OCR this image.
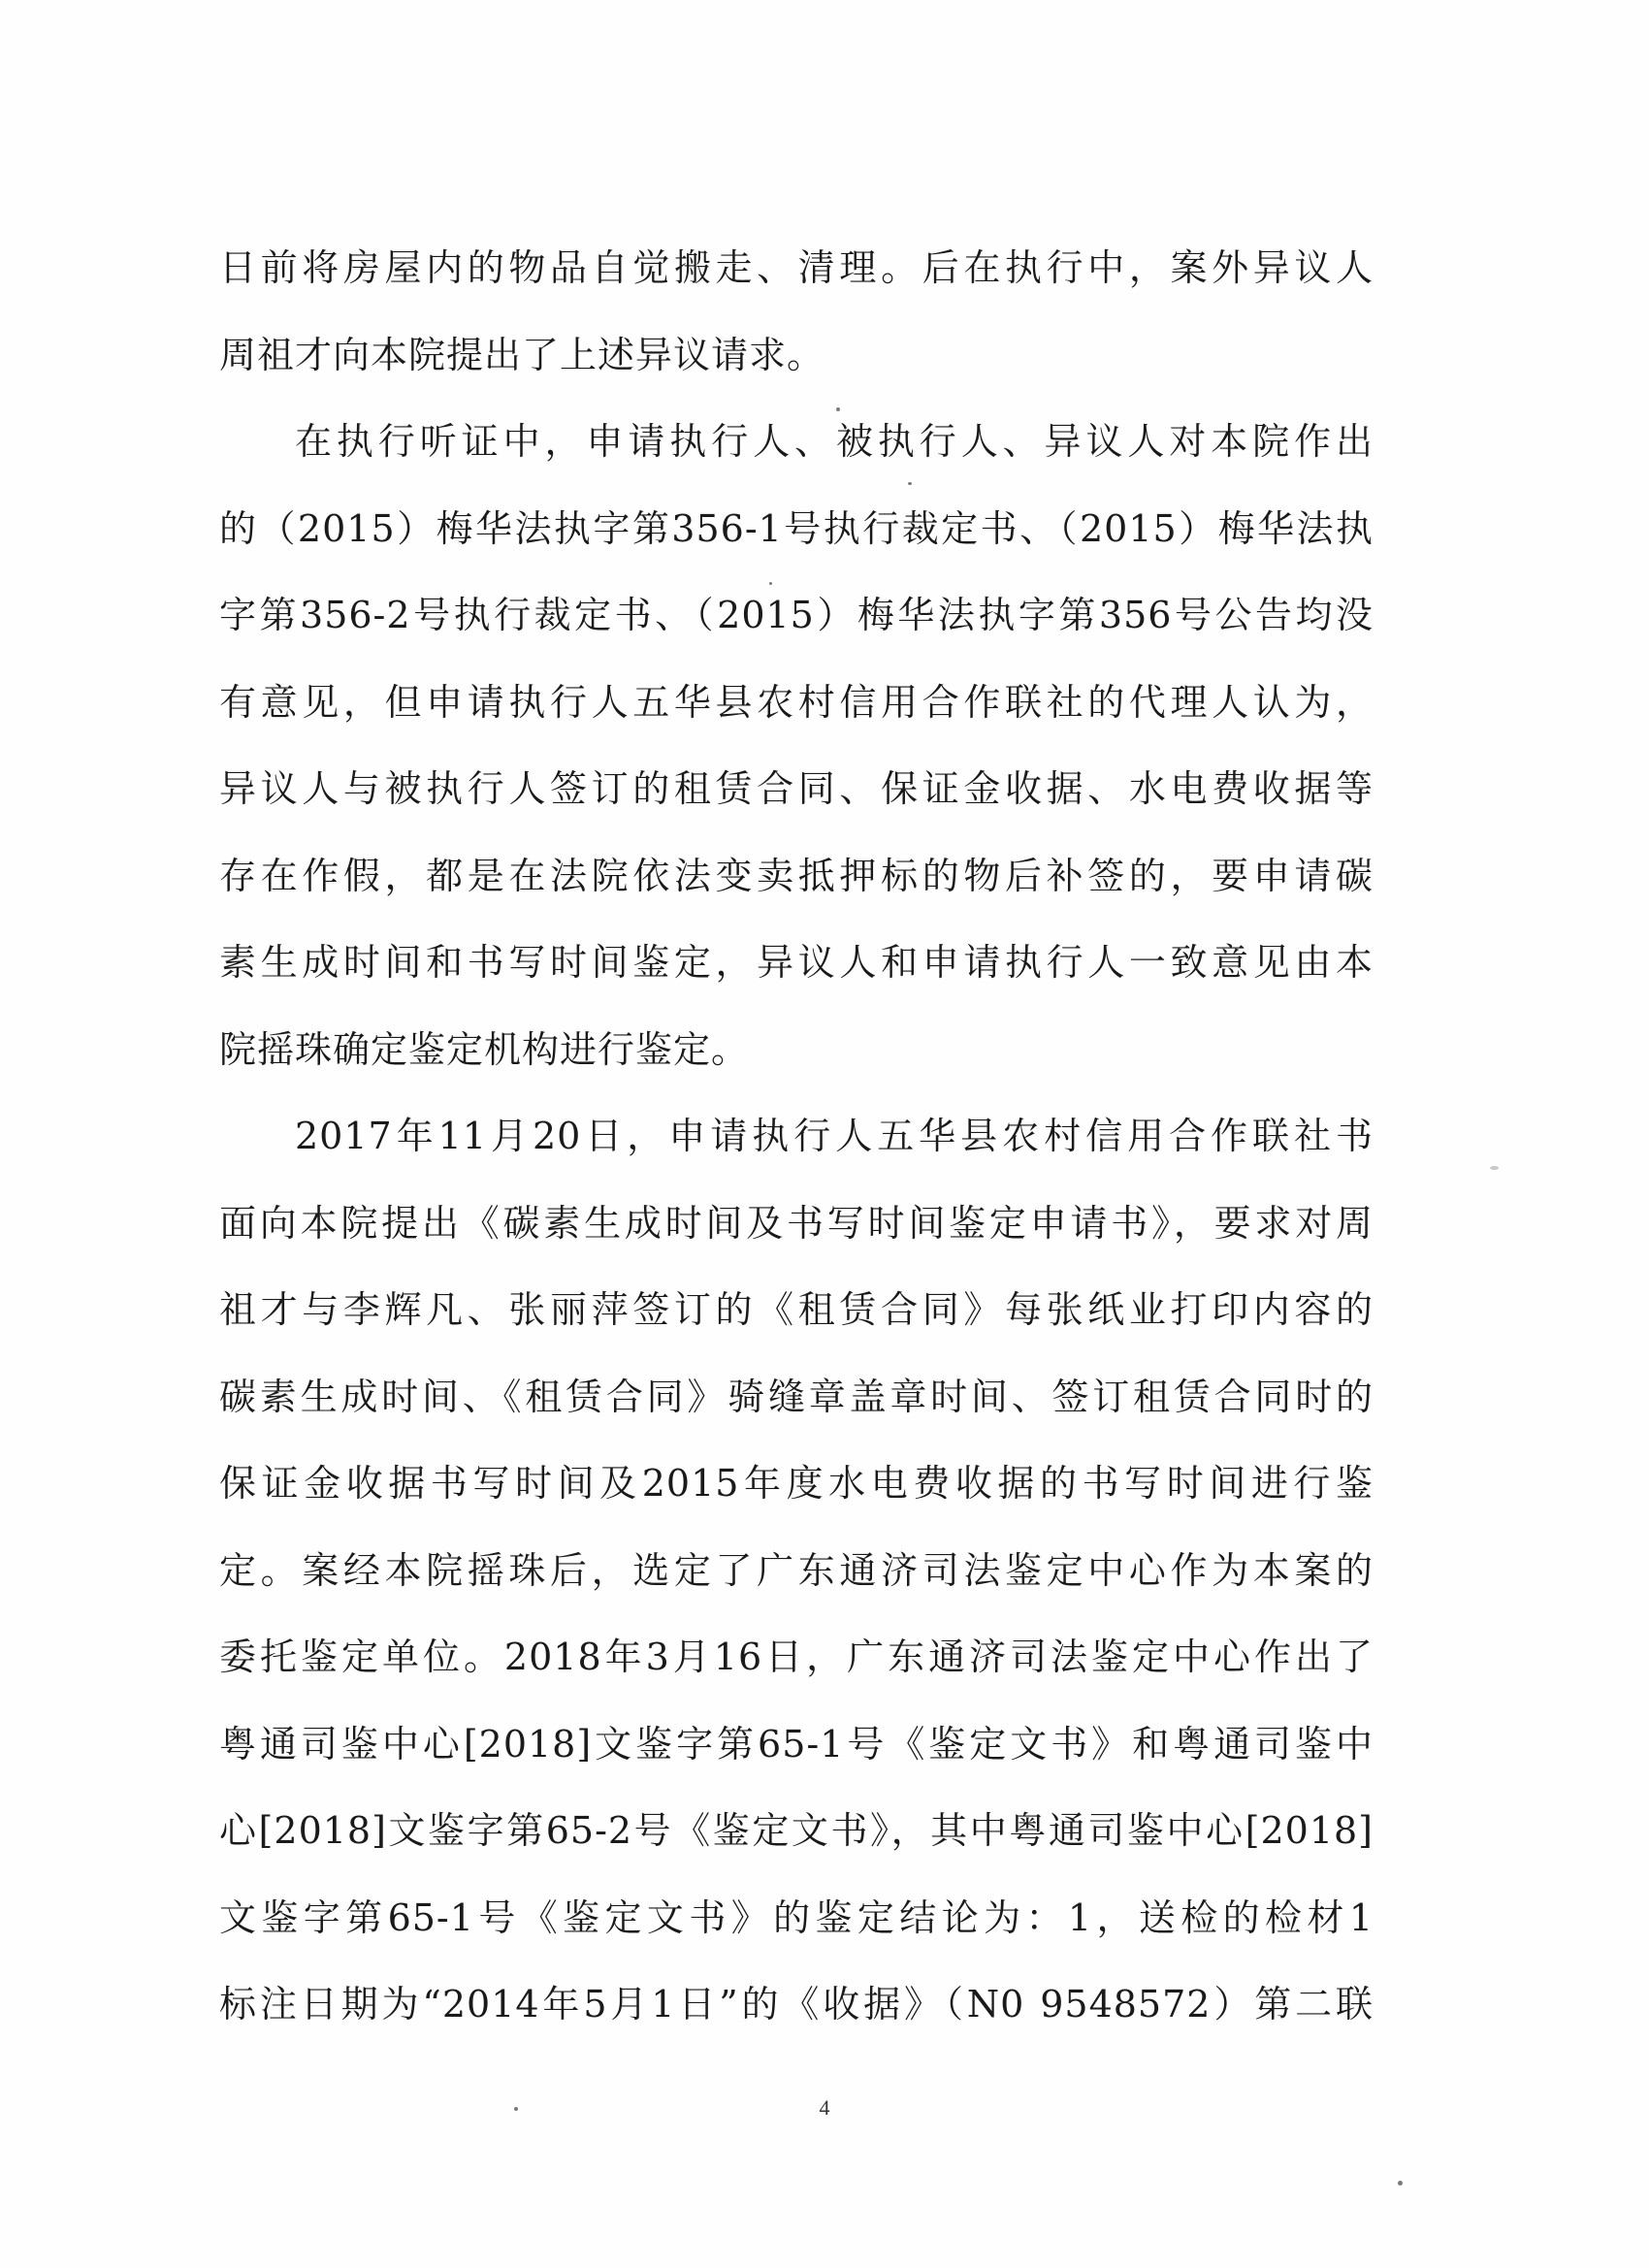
日前将房屋内的物品自觉搬走、清理。后在执行中，案外异议人
周祖才向本院提出了上述异议请求。
在执行听证中，申请执行人、被执行人、异议人对本院作出
的（2015）梅华法执字第356-1号执行裁定书、（2015）梅华法执
字第356-2号执行裁定书、（2015）梅华法执字第356号公告均没
有意见，但申请执行人五华县农村信用合作联社的代理人认为，
异议人与被执行人签订的租赁合同、保证金收据、水电费收据等
存在作假，都是在法院依法变卖抵押标的物后补签的，要申请碳
素生成时间和书写时间鉴定，异议人和申请执行人一致意见由本
院摇珠确定鉴定机构进行鉴定。
2017年11月20日，申请执行人五华县农村信用合作联社书
面向本院提出《碳素生成时间及书写时间鉴定申请书》，要求对周
祖才与李辉凡、张丽萍签订的《租赁合同》每张纸业打印内容的
碳素生成时间、《租赁合同》骑缝章盖章时间、签订租赁合同时的
保证金收据书写时间及2015年度水电费收据的书写时间进行鉴
定。案经本院摇珠后，选定了广东通济司法鉴定中心作为本案的
委托鉴定单位。2018年3月16日，广东通济司法鉴定中心作出了
粤通司鉴中心[2018]文鉴字第65-1号《鉴定文书》和粤通司鉴中
心[2018]文鉴字第65-2号《鉴定文书》，其中粤通司鉴中心[2018]
文鉴字第65-1号《鉴定文书》的鉴定结论为：1，送检的检材1
标注日期为“2014年5月1日”的《收据》（N0 9548572）第二联
4
